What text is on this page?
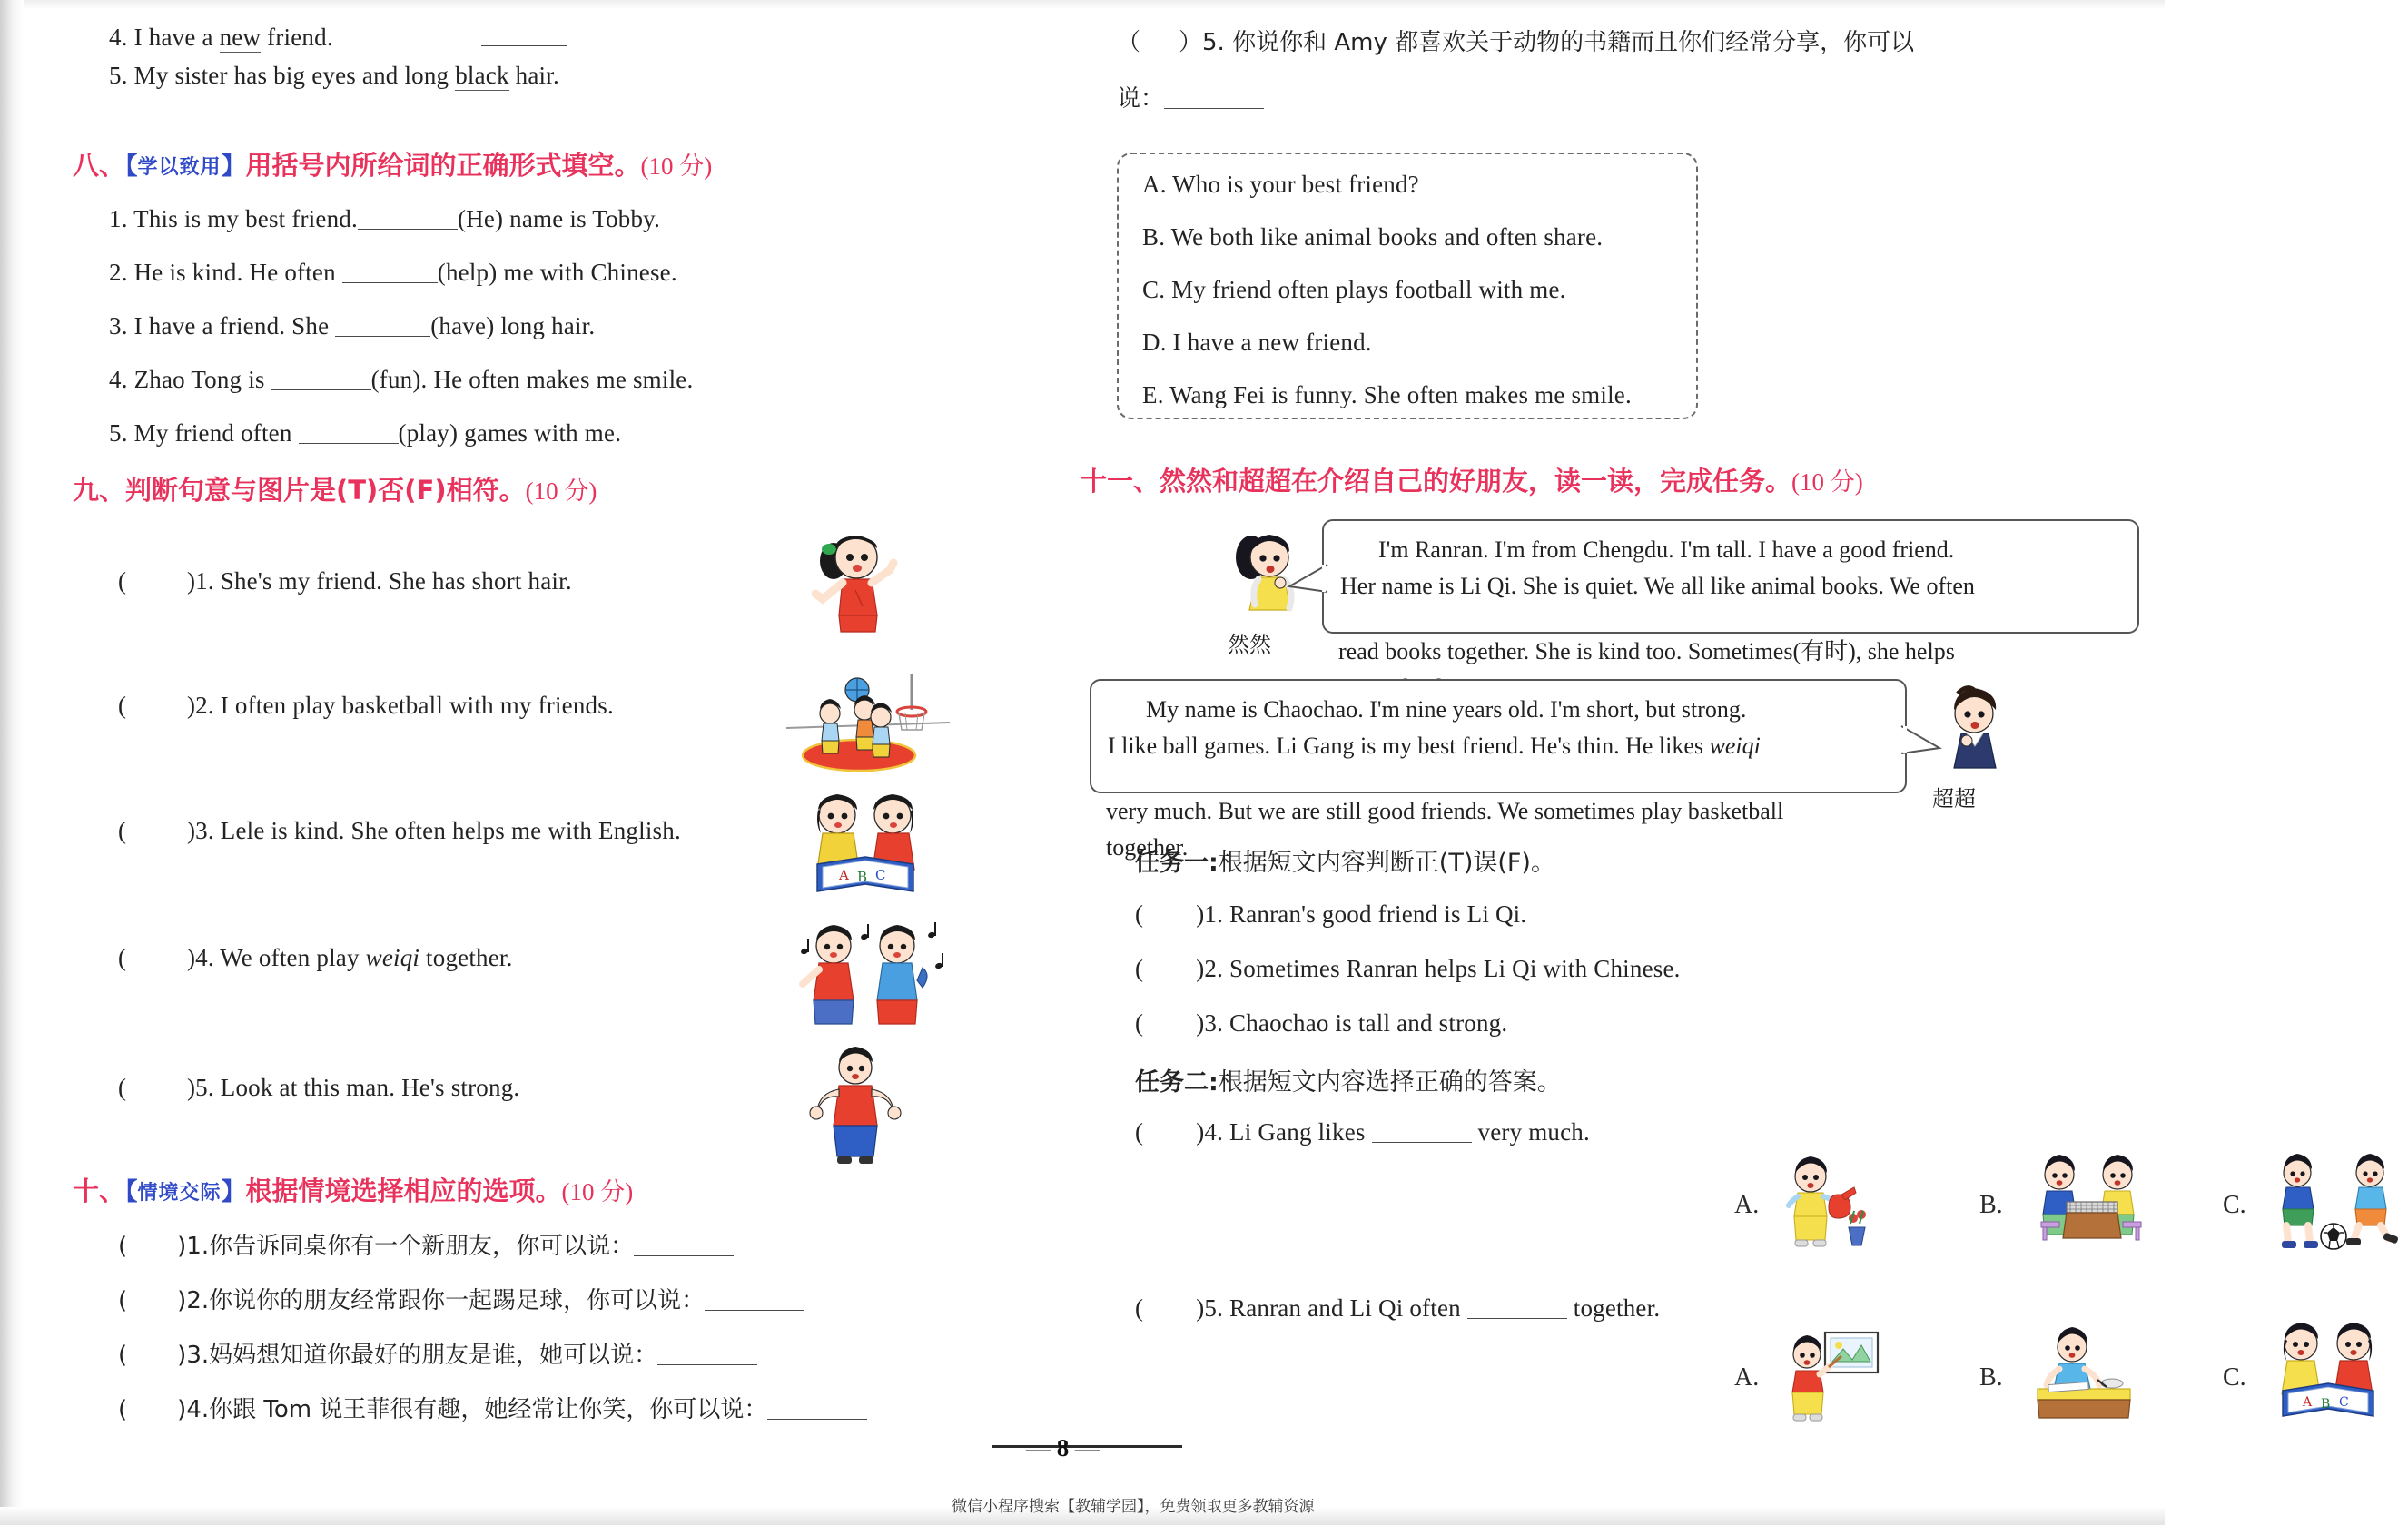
4. I have a new friend.
5. My sister has big eyes and long black hair.
八、【学以致用】用括号内所给词的正确形式填空。(10 分)
1. This is my best friend.	(He) name is Tobby.
2. He is kind. He often	(help) me with Chinese.
3. I have a friend. She	(have) long hair.
4. Zhao Tong is	(fun). He often makes me smile.
5. My friend often	(play) games with me.
九、判断句意与图片是(T)否(F)相符。(10 分)
( )1. She's my friend. She has short hair.
( )2. I often play basketball with my friends.
( )3. Lele is kind. She often helps me with English.
( )4. We often play weiqi together.
( )5. Look at this man. He's strong.
A B C
十、【情境交际】根据情境选择相应的选项。(10 分)
( )1.你告诉同桌你有一个新朋友，你可以说：
( )2.你说你的朋友经常跟你一起踢足球，你可以说：
( )3.妈妈想知道你最好的朋友是谁，她可以说：
( )4.你跟 Tom 说王菲很有趣，她经常让你笑，你可以说：
（ ）5. 你说你和 Amy 都喜欢关于动物的书籍而且你们经常分享，你可以
说：
A. Who is your best friend?
B. We both like animal books and often share.
C. My friend often plays football with me.
D. I have a new friend.
E. Wang Fei is funny. She often makes me smile.
十一、然然和超超在介绍自己的好朋友，读一读，完成任务。(10 分)
然然

I'm Ranran. I'm from Chengdu. I'm tall. I have a good friend.

Her name is Li Qi. She is quiet. We all like animal books. We often

read books together. She is kind too. Sometimes(有时), she helps

My name is Chaochao. I'm nine years old. I'm short, but strong.

I like ball games. Li Gang is my best friend. He's thin. He likes weiqi

very much. But we are still good friends. We sometimes play basketball

together.

超超
任务一:根据短文内容判断正(T)误(F)。
( )1. Ranran's good friend is Li Qi.
( )2. Sometimes Ranran helps Li Qi with Chinese.
( )3. Chaochao is tall and strong.
任务二:根据短文内容选择正确的答案。
( )4. Li Gang likes	very much.
A.	B.	C.
( )5. Ranran and Li Qi often	together.
A.	B.	C.
A B C
— 8 —
微信小程序搜索【教辅学园】，免费领取更多教辅资源
